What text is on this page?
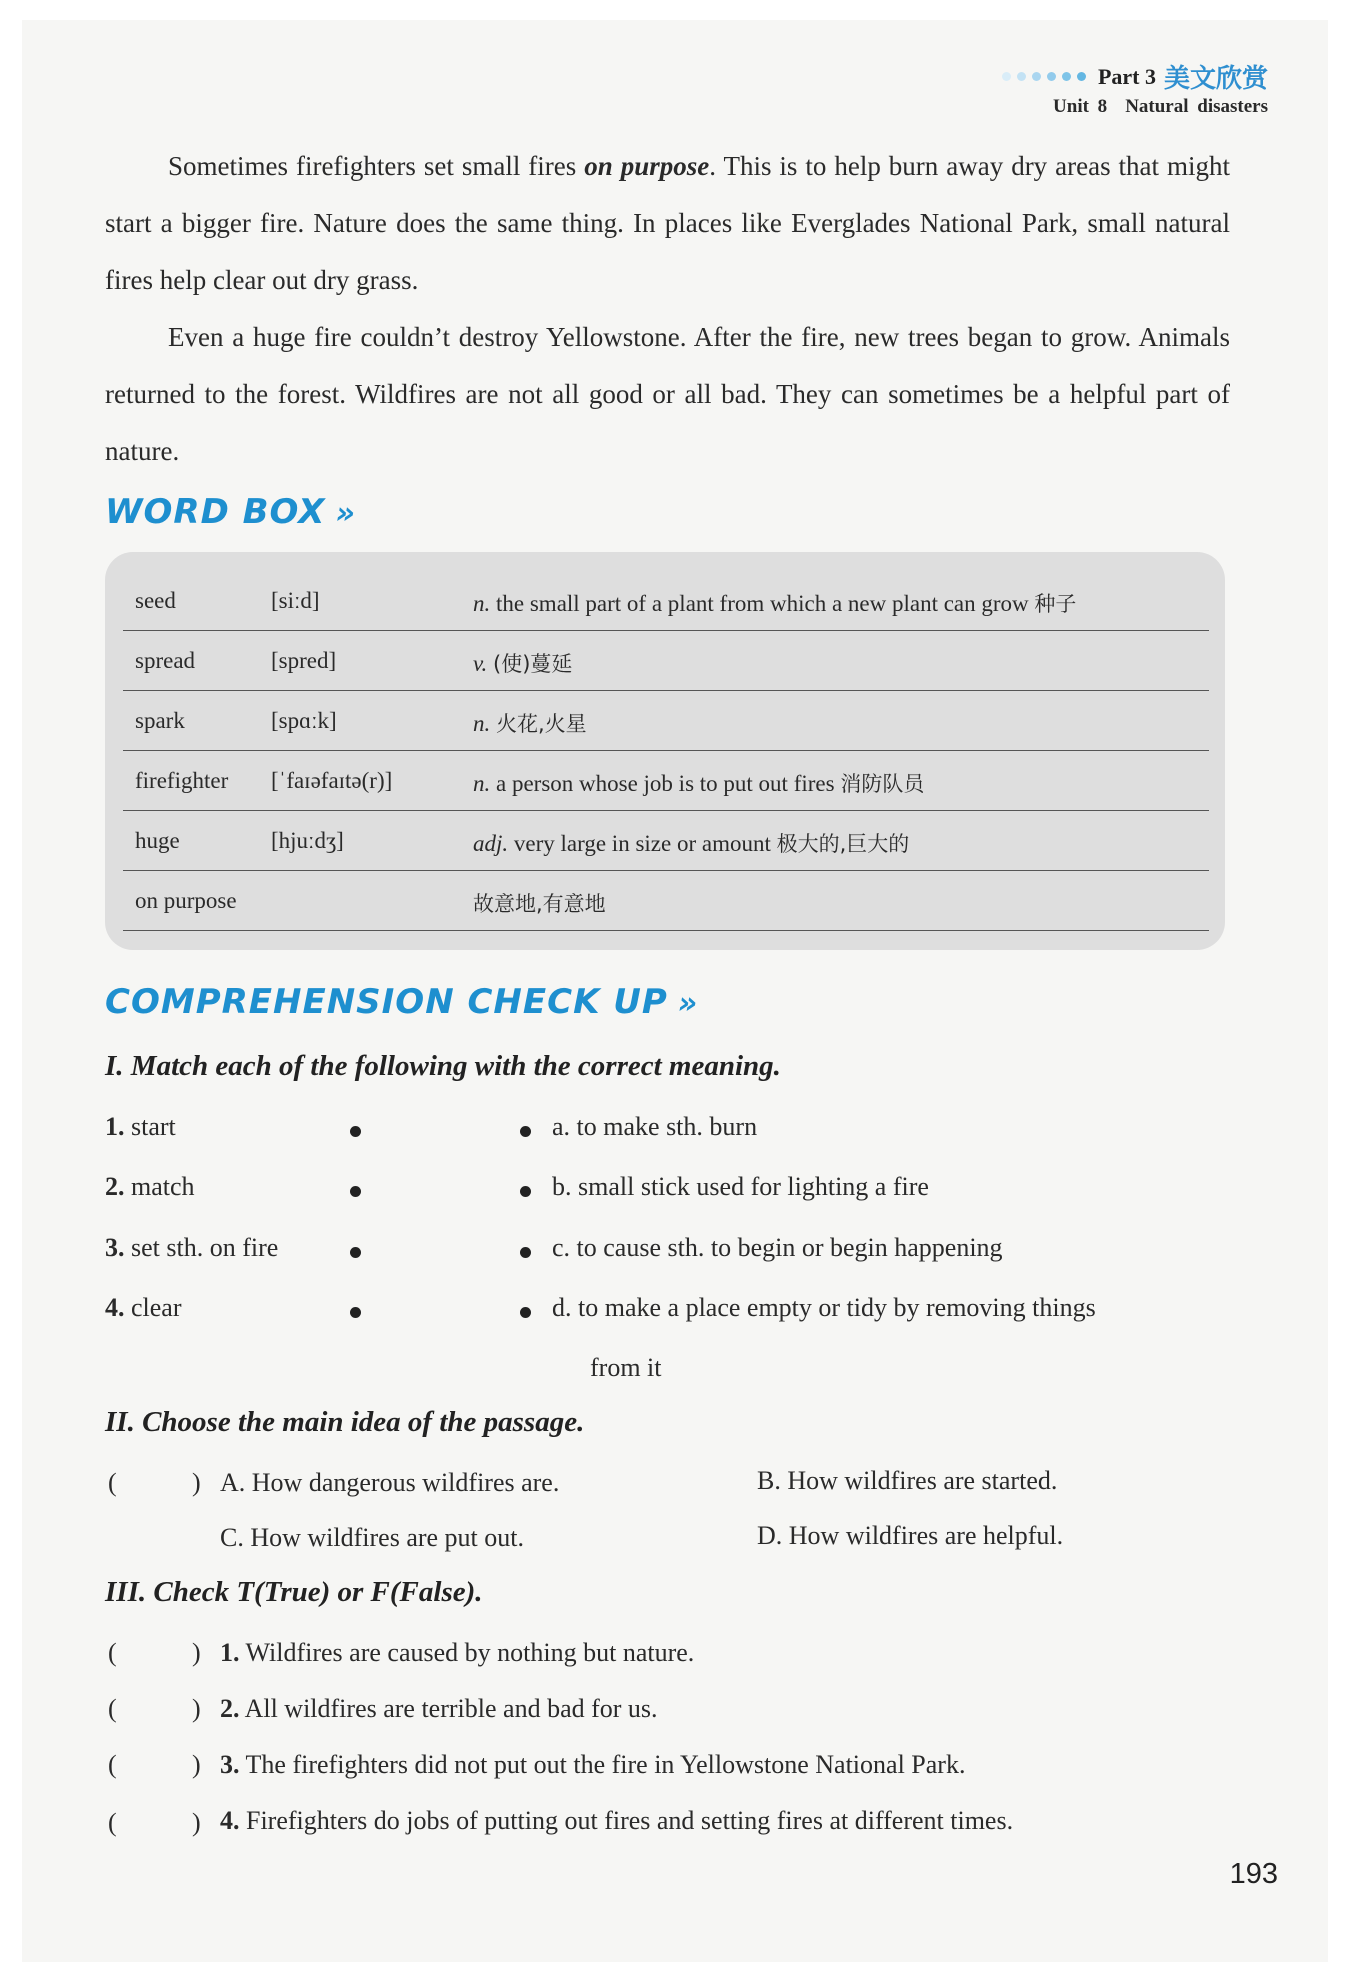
Part 3 美文欣赏
Unit 8 Natural disasters
Sometimes firefighters set small fires on purpose. This is to help burn away dry areas that might start a bigger fire. Nature does the same thing. In places like Everglades National Park, small natural fires help clear out dry grass.
Even a huge fire couldn’t destroy Yellowstone. After the fire, new trees began to grow. Animals returned to the forest. Wildfires are not all good or all bad. They can sometimes be a helpful part of nature.
WORD BOX »
seed	[siːd]	n. the small part of a plant from which a new plant can grow 种子
spread	[spred]	v. (使)蔓延
spark	[spɑːk]	n. 火花,火星
firefighter [ˈfaɪəfaɪtə(r)]	n. a person whose job is to put out fires 消防队员
huge	[hjuːdʒ]	adj. very large in size or amount 极大的,巨大的
on purpose	故意地,有意地
COMPREHENSION CHECK UP »
I. Match each of the following with the correct meaning.
1. start
2. match
3. set sth. on fire
4. clear
a. to make sth. burn
b. small stick used for lighting a fire
c. to cause sth. to begin or begin happening
d. to make a place empty or tidy by removing things
from it
II. Choose the main idea of the passage.
(	) A. How dangerous wildfires are.	B. How wildfires are started.
C. How wildfires are put out.	D. How wildfires are helpful.
III. Check T(True) or F(False).
(	) 1. Wildfires are caused by nothing but nature.
(	) 2. All wildfires are terrible and bad for us.
(	) 3. The firefighters did not put out the fire in Yellowstone National Park.
(	) 4. Firefighters do jobs of putting out fires and setting fires at different times.
193
